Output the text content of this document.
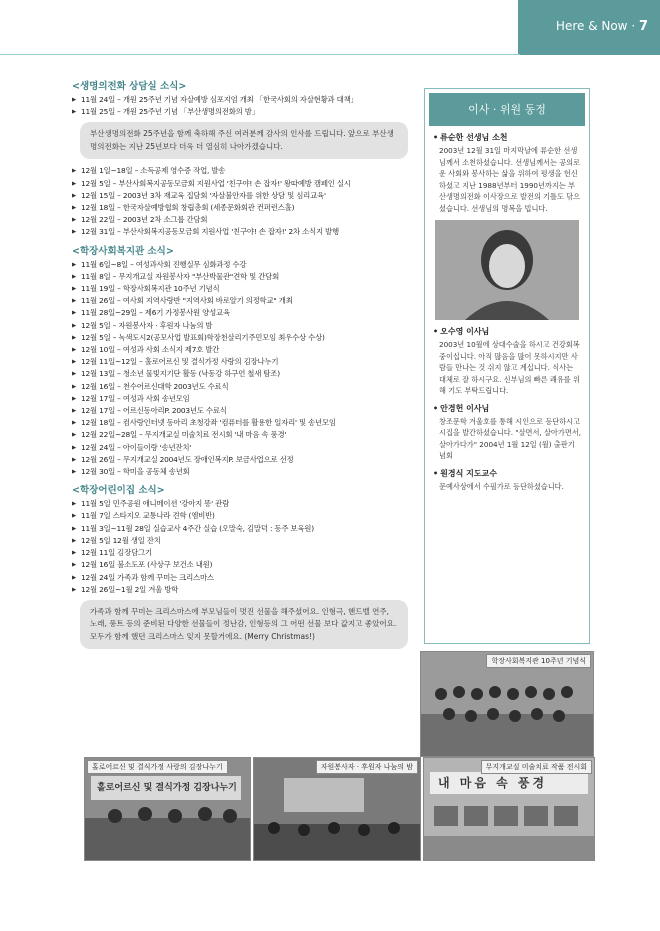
Here & Now · 7
<생명의전화 상담실 소식>
▶ 11월 24일 – 개원 25주년 기념 자살예방 심포지엄 개최 「한국사회의 자살현황과 대책」
▶ 11월 25일 – 개원 25주년 기념 「부산생명의전화의 밤」
부산생명의전화 25주년을 함께 축하해 주신 여러분께 감사의 인사를 드립니다. 앞으로 부산생명의전화는 지난 25년보다 더욱 더 열심히 나아가겠습니다.
▶ 12월 1일~18일 – 소득공제 영수증 작업, 발송
▶ 12월 5일 – 부산사회복지공동모금회 지원사업 '친구야! 손 잡자!' 왕따예방 캠페인 실시
▶ 12월 15일 – 2003년 3차 재교육 집담회 '자살불안자를 위한 상담 및 심리교육'
▶ 12월 18일 – 한국자살예방협회 창립총회 (세종문화회관 컨퍼런스홀)
▶ 12월 22일 – 2003년 2차 소그룹 간담회
▶ 12월 31일 – 부산사회복지공동모금회 지원사업 '친구야! 손 잡자!' 2차 소식지 발행
<학장사회복지관 소식>
▶ 11월 6일~8일 – 여성과사회 진행실무 심화과정 수강
▶ 11월 8일 – 무지개교실 자원봉사자 "부산박물관"견학 및 간담회
▶ 11월 19일 – 학장사회복지관 10주년 기념식
▶ 11월 26일 – 여사회 지역사랑반 "지역사회 바로알기 의정학교" 개최
▶ 11월 28일~29일 – 제6기 가정봉사원 양성교육
▶ 12월 5일 – 자원봉사자 · 후원자 나눔의 밤
▶ 12월 5일 – 녹색도시2(공모사업 발표회)학장천살리기주민모임 최우수상 수상)
▶ 12월 10일 – 여성과 사회 소식지 제7호 발간
▶ 12월 11일~12일 – 홀로어르신 및 결식가정 사랑의 김장나누기
▶ 12월 13일 – 청소년 물빛지기단 활동 (낙동강 하구언 철새 탐조)
▶ 12월 16일 – 천수어르신대학 2003년도 수료식
▶ 12월 17일 – 여성과 사회 송년모임
▶ 12월 17일 – 어르신동아리P. 2003년도 수료식
▶ 12월 18일 – 컴사랑인터넷 동아리 초청강좌 '컴퓨터를 활용한 일자리' 및 송년모임
▶ 12월 22일~28일 – 무지개교실 미술치료 전시회 '내 마음 속 풍경'
▶ 12월 24일 – 아이들이랑 '송년잔치'
▶ 12월 26일 – 무지개교실 2004년도 장애인복지P. 보금사업으로 선정
▶ 12월 30일 – 학미을 공동체 송년회
<학장어린이집 소식>
▶ 11월 5일 민주공원 애니메이션 '강아지 똥' 관람
▶ 11월 7일 스타지오 교통나라 견학 (엠비반)
▶ 11월 3일~11월 28일 실습교사 4주간 실습 (오말숙, 김말덕 : 동주 보육원)
▶ 12월 5일 12월 생일 잔치
▶ 12월 11일 김장담그기
▶ 12월 16일 불소도포 (사상구 보건소 내원)
▶ 12월 24일 가족과 함께 꾸미는 크리스마스
▶ 12월 26일~1월 2일 겨울 방학
가족과 함께 꾸미는 크리스마스에 부모님들이 멋진 선물을 해주셨어요. 인형극, 핸드벨 연주, 노래, 풍트 등의 준비된 다양한 선물들이 정난감, 인형등의 그 어떤 선물 보다 값지고 좋았어요. 모두가 함께 했던 크리스마스 잊지 못할거에요. (Merry Christmas!)
이사 · 위원 동정
• 류순한 선생님 소천
2003년 12월 31일 마지막날에 류순한 선생님께서 소천하셨습니다. 선생님께서는 공의로운 사회와 봉사하는 삶을 위하여 평생을 헌신하셨고 지난 1988년부터 1990년까지는 부산생명의전화 이사장으로 발전의 기틀도 닦으셨습니다. 선생님의 명복을 빕니다.
• 오수영 이사님
2003년 10월에 상대수술을 하시고 건강회복중이십니다. 아직 많음을 많이 못하시지만 사람들 만나는 것 쉬지 않고 계십니다. 식사는 대체로 잘 하시구요. 신부님의 빠른 쾌유를 위해 기도 부탁드립니다.
• 안경헌 이사님
창조문학 겨울호를 통해 시인으로 등단하시고 시집을 발간하셨습니다. "살면서, 살아가면서, 살아가다가" 2004년 1월 12일 (월) 출판기념회
• 원경식 지도교수
문예사상에서 수필가로 등단하셨습니다.
학장사회복지관 10주년 기념식
홀로어르신 및 결식가정 김장나누기
홀로어르신 및 결식가정 사랑의 김장나누기	자원봉사자 · 후원자 나눔의 밤
내 마음 속 풍경
무지개교실 미술치료 작품 전시회
